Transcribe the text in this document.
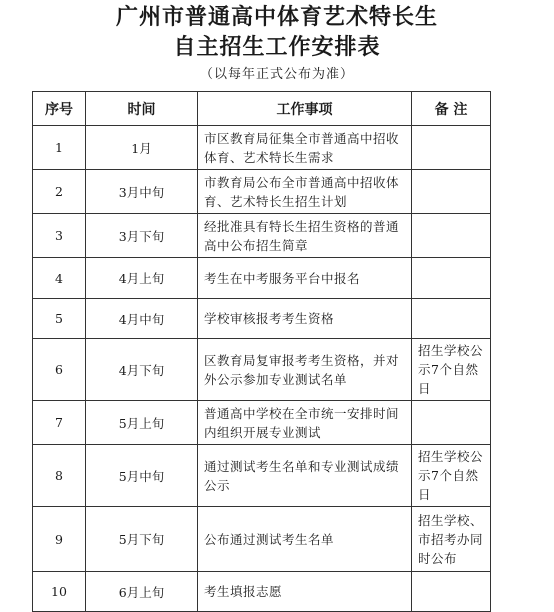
广州市普通高中体育艺术特长生
自主招生工作安排表
（以每年正式公布为准）
序号	时间	工作事项	备 注
1	1月	市区教育局征集全市普通高中招收体育、艺术特长生需求	
2	3月中旬	市教育局公布全市普通高中招收体育、艺术特长生招生计划	
3	3月下旬	经批准具有特长生招生资格的普通高中公布招生简章	
4	4月上旬	考生在中考服务平台中报名	
5	4月中旬	学校审核报考考生资格	
6	4月下旬	区教育局复审报考考生资格，并对外公示参加专业测试名单	招生学校公示7个自然日
7	5月上旬	普通高中学校在全市统一安排时间内组织开展专业测试	
8	5月中旬	通过测试考生名单和专业测试成绩公示	招生学校公示7个自然日
9	5月下旬	公布通过测试考生名单	招生学校、市招考办同时公布
10	6月上旬	考生填报志愿	
